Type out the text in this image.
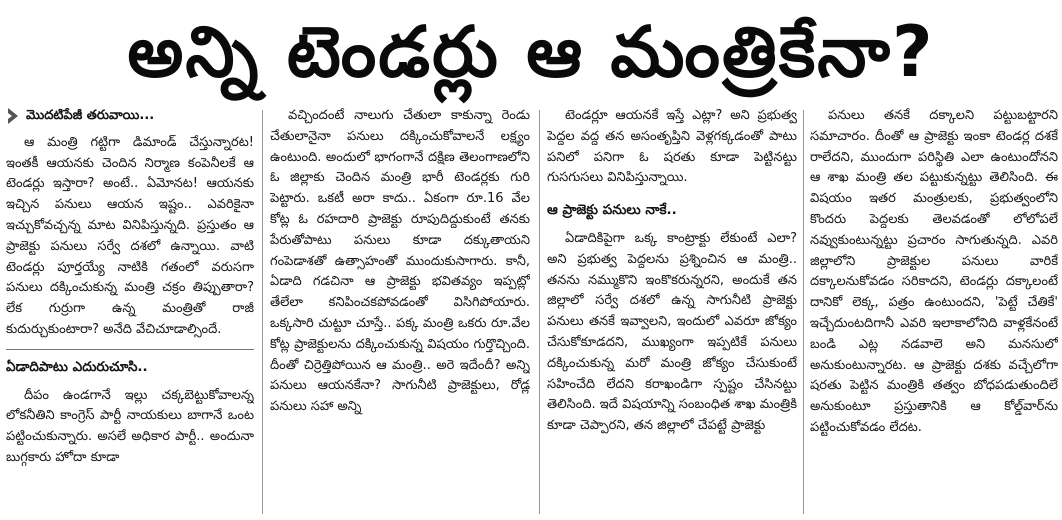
అన్ని టెండర్లు ఆ మంత్రికేనా?
మొదటిపేజీ తరువాయి...

ఆ మంత్రి గట్టిగా డిమాండ్ చేస్తున్నారట! ఇంతకీ ఆయనకు చెందిన నిర్మాణ కంపెనీలకే ఆ టెండర్లు ఇస్తారా? అంటే.. ఏమోనట! ఆయనకు ఇచ్చిన పనులు ఆయన ఇష్టం.. ఎవరికైనా ఇచ్చుకోవచ్చన్న మాట వినిపిస్తున్నది. ప్రస్తుతం ఆ ప్రాజెక్టు పనులు సర్వే దశలో ఉన్నాయి. వాటి టెండర్లు పూర్తయ్యే నాటికి గతంలో వరుసగా పనులు దక్కించుకున్న మంత్రి చక్రం తిప్పుతారా? లేక గుర్రుగా ఉన్న మంత్రితో రాజీ కుదుర్చుకుంటారా? అనేది వేచిచూడాల్సిందే.

ఏడాదిపాటు ఎదురుచూసి..

దీపం ఉండగానే ఇల్లు చక్కబెట్టుకోవాలన్న లోకనీతిని కాంగ్రెస్ పార్టీ నాయకులు బాగానే ఒంట పట్టించుకున్నారు. అసలే అధికార పార్టీ.. అందునా బుగ్గకారు హోదా కూడా

వచ్చిందంటే నాలుగు చేతులా కాకున్నా రెండు చేతులానైనా పనులు దక్కించుకోవాలనే లక్ష్యం ఉంటుంది. అందులో భాగంగానే దక్షిణ తెలంగాణలోని ఓ జిల్లాకు చెందిన మంత్రి భారీ టెండర్లకు గురి పెట్టారు. ఒకటీ అరా కాదు.. ఏకంగా రూ.16 వేల కోట్ల ఓ రహదారి ప్రాజెక్టు రూపుదిద్దుకుంటే తనకు పేరుతోపాటు పనులు కూడా దక్కుతాయని గంపెడాశతో ఉత్సాహంతో ముందుకుసాగారు. కానీ, ఏడాది గడచినా ఆ ప్రాజెక్టు భవితవ్యం ఇప్పట్లో తేలేలా కనిపించకపోవడంతో విసిగిపోయారు. ఒక్కసారి చుట్టూ చూస్తే.. పక్క మంత్రి ఒకరు రూ.వేల కోట్ల ప్రాజెక్టులను దక్కించుకున్న విషయం గుర్తొచ్చింది. దీంతో చిర్రెత్తిపోయిన ఆ మంత్రి.. అరె ఇదేందీ? అన్ని పనులు ఆయనకేనా? సాగునీటి ప్రాజెక్టులు, రోడ్ల పనులు సహా అన్ని

టెండర్లూ ఆయనకే ఇస్తే ఎట్లా? అని ప్రభుత్వ పెద్దల వద్ద తన అసంతృప్తిని వెళ్లగక్కడంతో పాటు పనిలో పనిగా ఓ షరతు కూడా పెట్టినట్టు గుసగుసలు వినిపిస్తున్నాయి.

ఆ ప్రాజెక్టు పనులు నాకే..

ఏడాదికిపైగా ఒక్క కాంట్రాక్టు లేకుంటే ఎలా? అని ప్రభుత్వ పెద్దలను ప్రశ్నించిన ఆ మంత్రి.. తనను నమ్ముకొని ఇంకొకరున్నరని, అందుకే తన జిల్లాలో సర్వే దశలో ఉన్న సాగునీటి ప్రాజెక్టు పనులు తనకే ఇవ్వాలని, ఇందులో ఎవరూ జోక్యం చేసుకోకూడదని, ముఖ్యంగా ఇప్పటికే పనులు దక్కించుకున్న మరో మంత్రి జోక్యం చేసుకుంటే సహించేది లేదని కరాఖండిగా స్పష్టం చేసినట్టు తెలిసింది. ఇదే విషయాన్ని సంబంధిత శాఖ మంత్రికి కూడా చెప్పారని, తన జిల్లాలో చేపట్టే ప్రాజెక్టు

పనులు తనకే దక్కాలని పట్టుబట్టారని సమాచారం. దీంతో ఆ ప్రాజెక్టు ఇంకా టెండర్ల దశకే రాలేదని, ముందుగా పరిస్థితి ఎలా ఉంటుందోనని ఆ శాఖ మంత్రి తల పట్టుకున్నట్టు తెలిసింది. ఈ విషయం ఇతర మంత్రులకు, ప్రభుత్వంలోని కొందరు పెద్దలకు తెలవడంతో లోలోపలే నవ్వుకుంటున్నట్టు ప్రచారం సాగుతున్నది. ఎవరి జిల్లాలోని ప్రాజెక్టుల పనులు వారికే దక్కాలనుకోవడం సరికాదని, టెండర్లు దక్కాలంటే దానికో లెక్క, పత్రం ఉంటుందని, 'పెట్టే చేతికే' ఇచ్చేదుంటదిగానీ ఎవరి ఇలాకాలోనిది వాళ్లకేనంటే బండి ఎట్ల నడవాలె అని మనసులో అనుకుంటున్నారట. ఆ ప్రాజెక్టు దశకు వచ్చేలోగా షరతు పెట్టిన మంత్రికి తత్వం బోధపడుతుందిలే అనుకుంటూ ప్రస్తుతానికి ఆ కోల్డ్‌వార్‌ను పట్టించుకోవడం లేదట.
